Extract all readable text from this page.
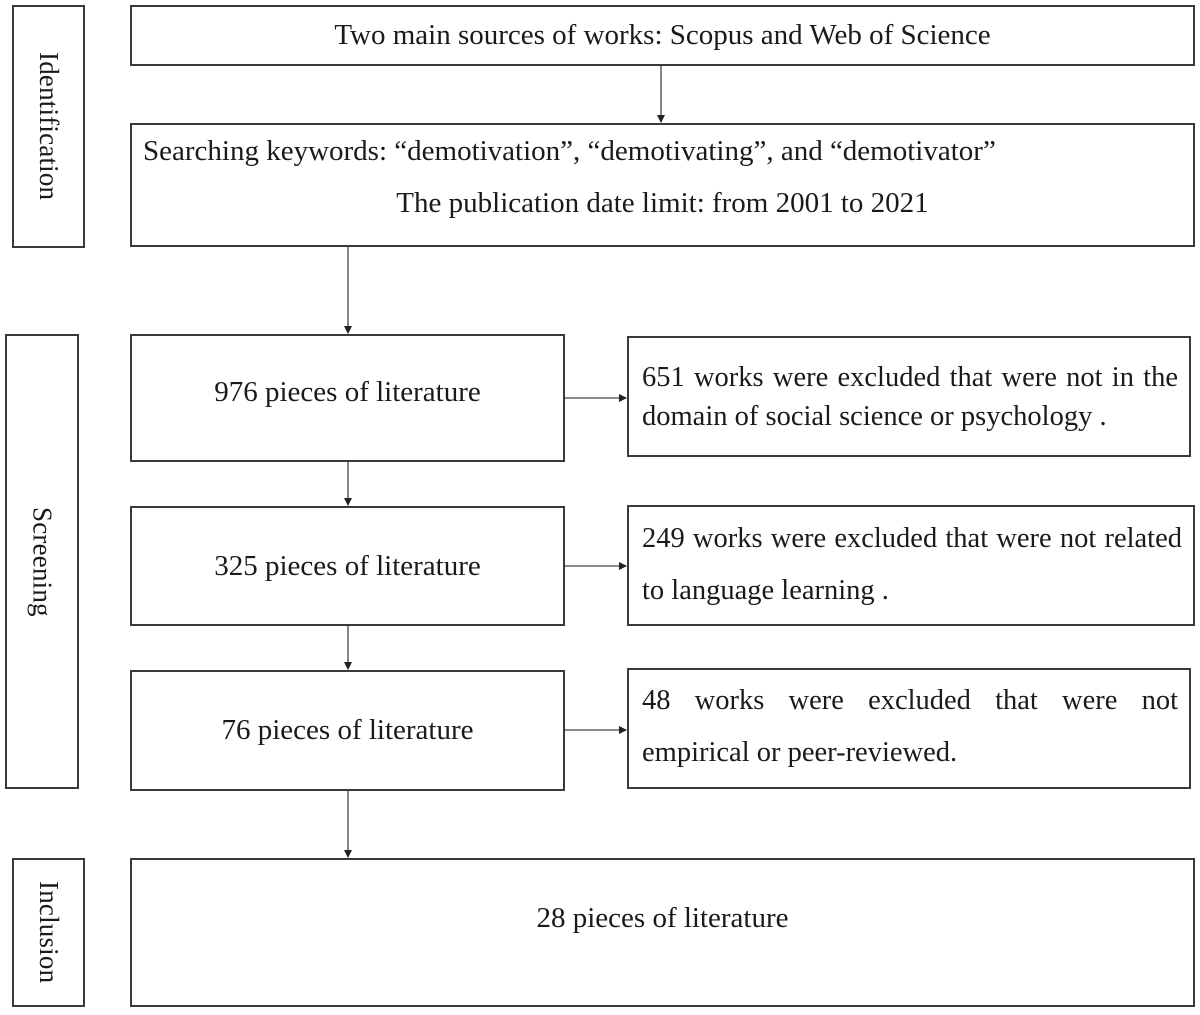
Identification
Screening
Inclusion
Two main sources of works: Scopus and Web of Science
Searching keywords: “demotivation”, “demotivating”, and “demotivator”
The publication date limit: from 2001 to 2021
976 pieces of literature	651 works were excluded that were not in the domain of social science or psychology .

325 pieces of literature

249 works were excluded that were not related to language learning .

76 pieces of literature

48 works were excluded that were not empirical or peer-reviewed.

28 pieces of literature
